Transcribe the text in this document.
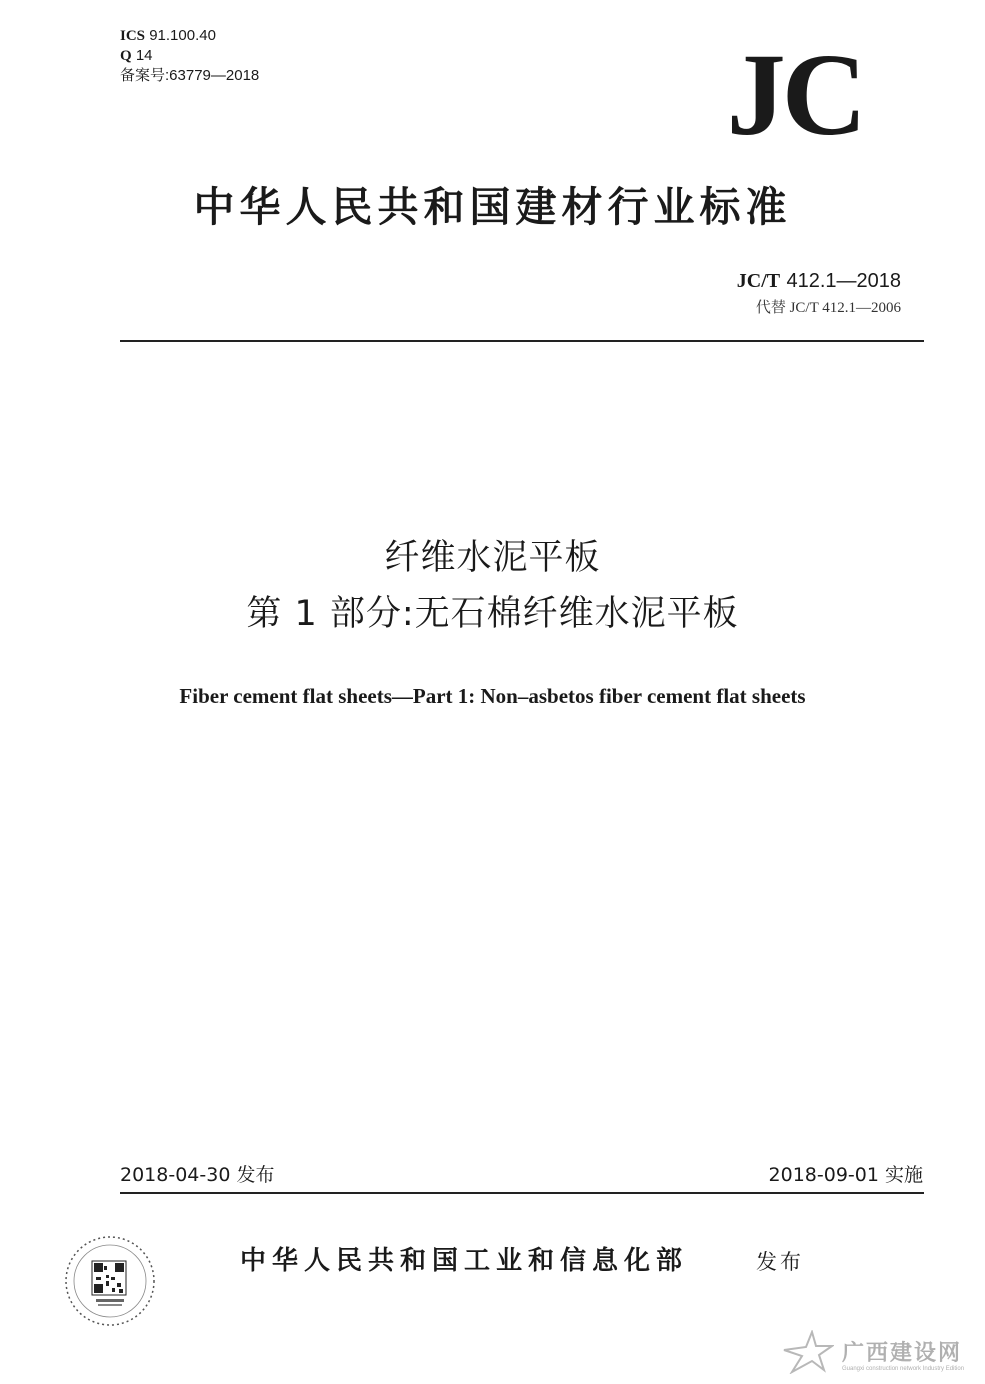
ICS 91.100.40
Q 14
备案号:63779—2018	JC
中华人民共和国建材行业标准
JC/T 412.1—2018
代替 JC/T 412.1—2006
纤维水泥平板
第 1 部分:无石棉纤维水泥平板
Fiber cement flat sheets—Part 1: Non–asbetos fiber cement flat sheets
2018-04-30 发布	2018-09-01 实施
中华人民共和国工业和信息化部	发布
广西建设网
Guangxi construction network Industry Edition
